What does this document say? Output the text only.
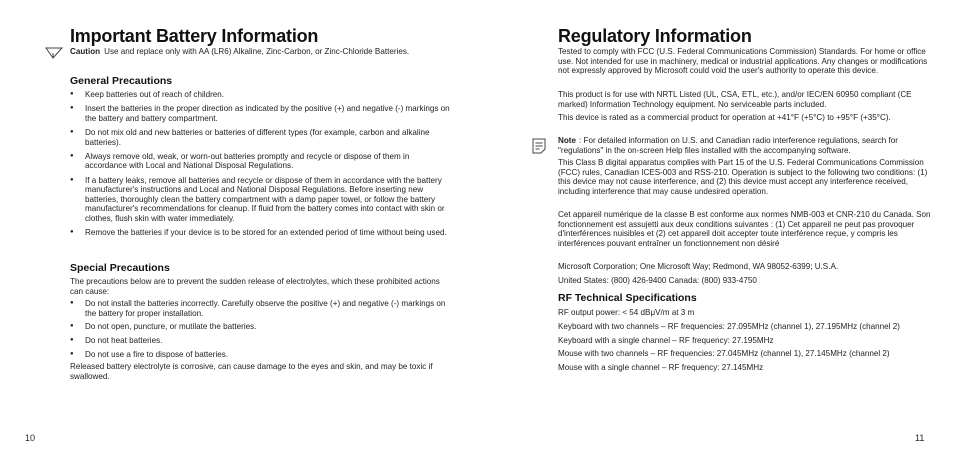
Important Battery Information

Caution Use and replace only with AA (LR6) Alkaline, Zinc-Carbon, or Zinc-Chloride Batteries.

General Precautions
● Keep batteries out of reach of children.
● Insert the batteries in the proper direction as indicated by the positive (+) and negative (-) markings on the battery and battery compartment.
● Do not mix old and new batteries or batteries of different types (for example, carbon and alkaline batteries).
● Always remove old, weak, or worn-out batteries promptly and recycle or dispose of them in accordance with Local and National Disposal Regulations.
● If a battery leaks, remove all batteries and recycle or dispose of them in accordance with the battery manufacturer's instructions and Local and National Disposal Regulations. Before inserting new batteries, thoroughly clean the battery compartment with a damp paper towel, or follow the battery manufacturer's recommendations for cleanup. If fluid from the battery comes into contact with skin or clothes, flush skin with water immediately.
● Remove the batteries if your device is to be stored for an extended period of time without being used.
Special Precautions

The precautions below are to prevent the sudden release of electrolytes, which these prohibited actions can cause:

● Do not install the batteries incorrectly. Carefully observe the positive (+) and negative (-) markings on the battery for proper installation.
● Do not open, puncture, or mutilate the batteries.
● Do not heat batteries.
● Do not use a fire to dispose of batteries.

Released battery electrolyte is corrosive, can cause damage to the eyes and skin, and may be toxic if swallowed.

10
Regulatory Information

Tested to comply with FCC (U.S. Federal Communications Commission) Standards. For home or office use. Not intended for use in machinery, medical or industrial applications. Any changes or modifications not expressly approved by Microsoft could void the user's authority to operate this device.

This product is for use with NRTL Listed (UL, CSA, ETL, etc.), and/or IEC/EN 60950 compliant (CE marked) Information Technology equipment. No serviceable parts included.

This device is rated as a commercial product for operation at +41°F (+5°C) to +95°F (+35°C).

Note : For detailed information on U.S. and Canadian radio interference regulations, search for "regulations" in the on-screen Help files installed with the accompanying software.

This Class B digital apparatus complies with Part 15 of the U.S. Federal Communications Commission (FCC) rules, Canadian ICES-003 and RSS-210. Operation is subject to the following two conditions: (1) this device may not cause interference, and (2) this device must accept any interference received, including interference that may cause undesired operation.

Cet appareil numérique de la classe B est conforme aux normes NMB-003 et CNR-210 du Canada. Son fonctionnement est assujetti aux deux conditions suivantes : (1) Cet appareil ne peut pas provoquer d'interférences nuisibles et (2) cet appareil doit accepter toute interférence reçue, y compris les interférences pouvant entraîner un fonctionnement non désiré

Microsoft Corporation; One Microsoft Way; Redmond, WA 98052-6399; U.S.A.

United States: (800) 426-9400 Canada: (800) 933-4750

RF Technical Specifications

RF output power: < 54 dBμV/m at 3 m

Keyboard with two channels – RF frequencies: 27.095MHz (channel 1), 27.195MHz (channel 2)

Keyboard with a single channel – RF frequency: 27.195MHz

Mouse with two channels – RF frequencies: 27.045MHz (channel 1), 27.145MHz (channel 2)

Mouse with a single channel – RF frequency: 27.145MHz

11
